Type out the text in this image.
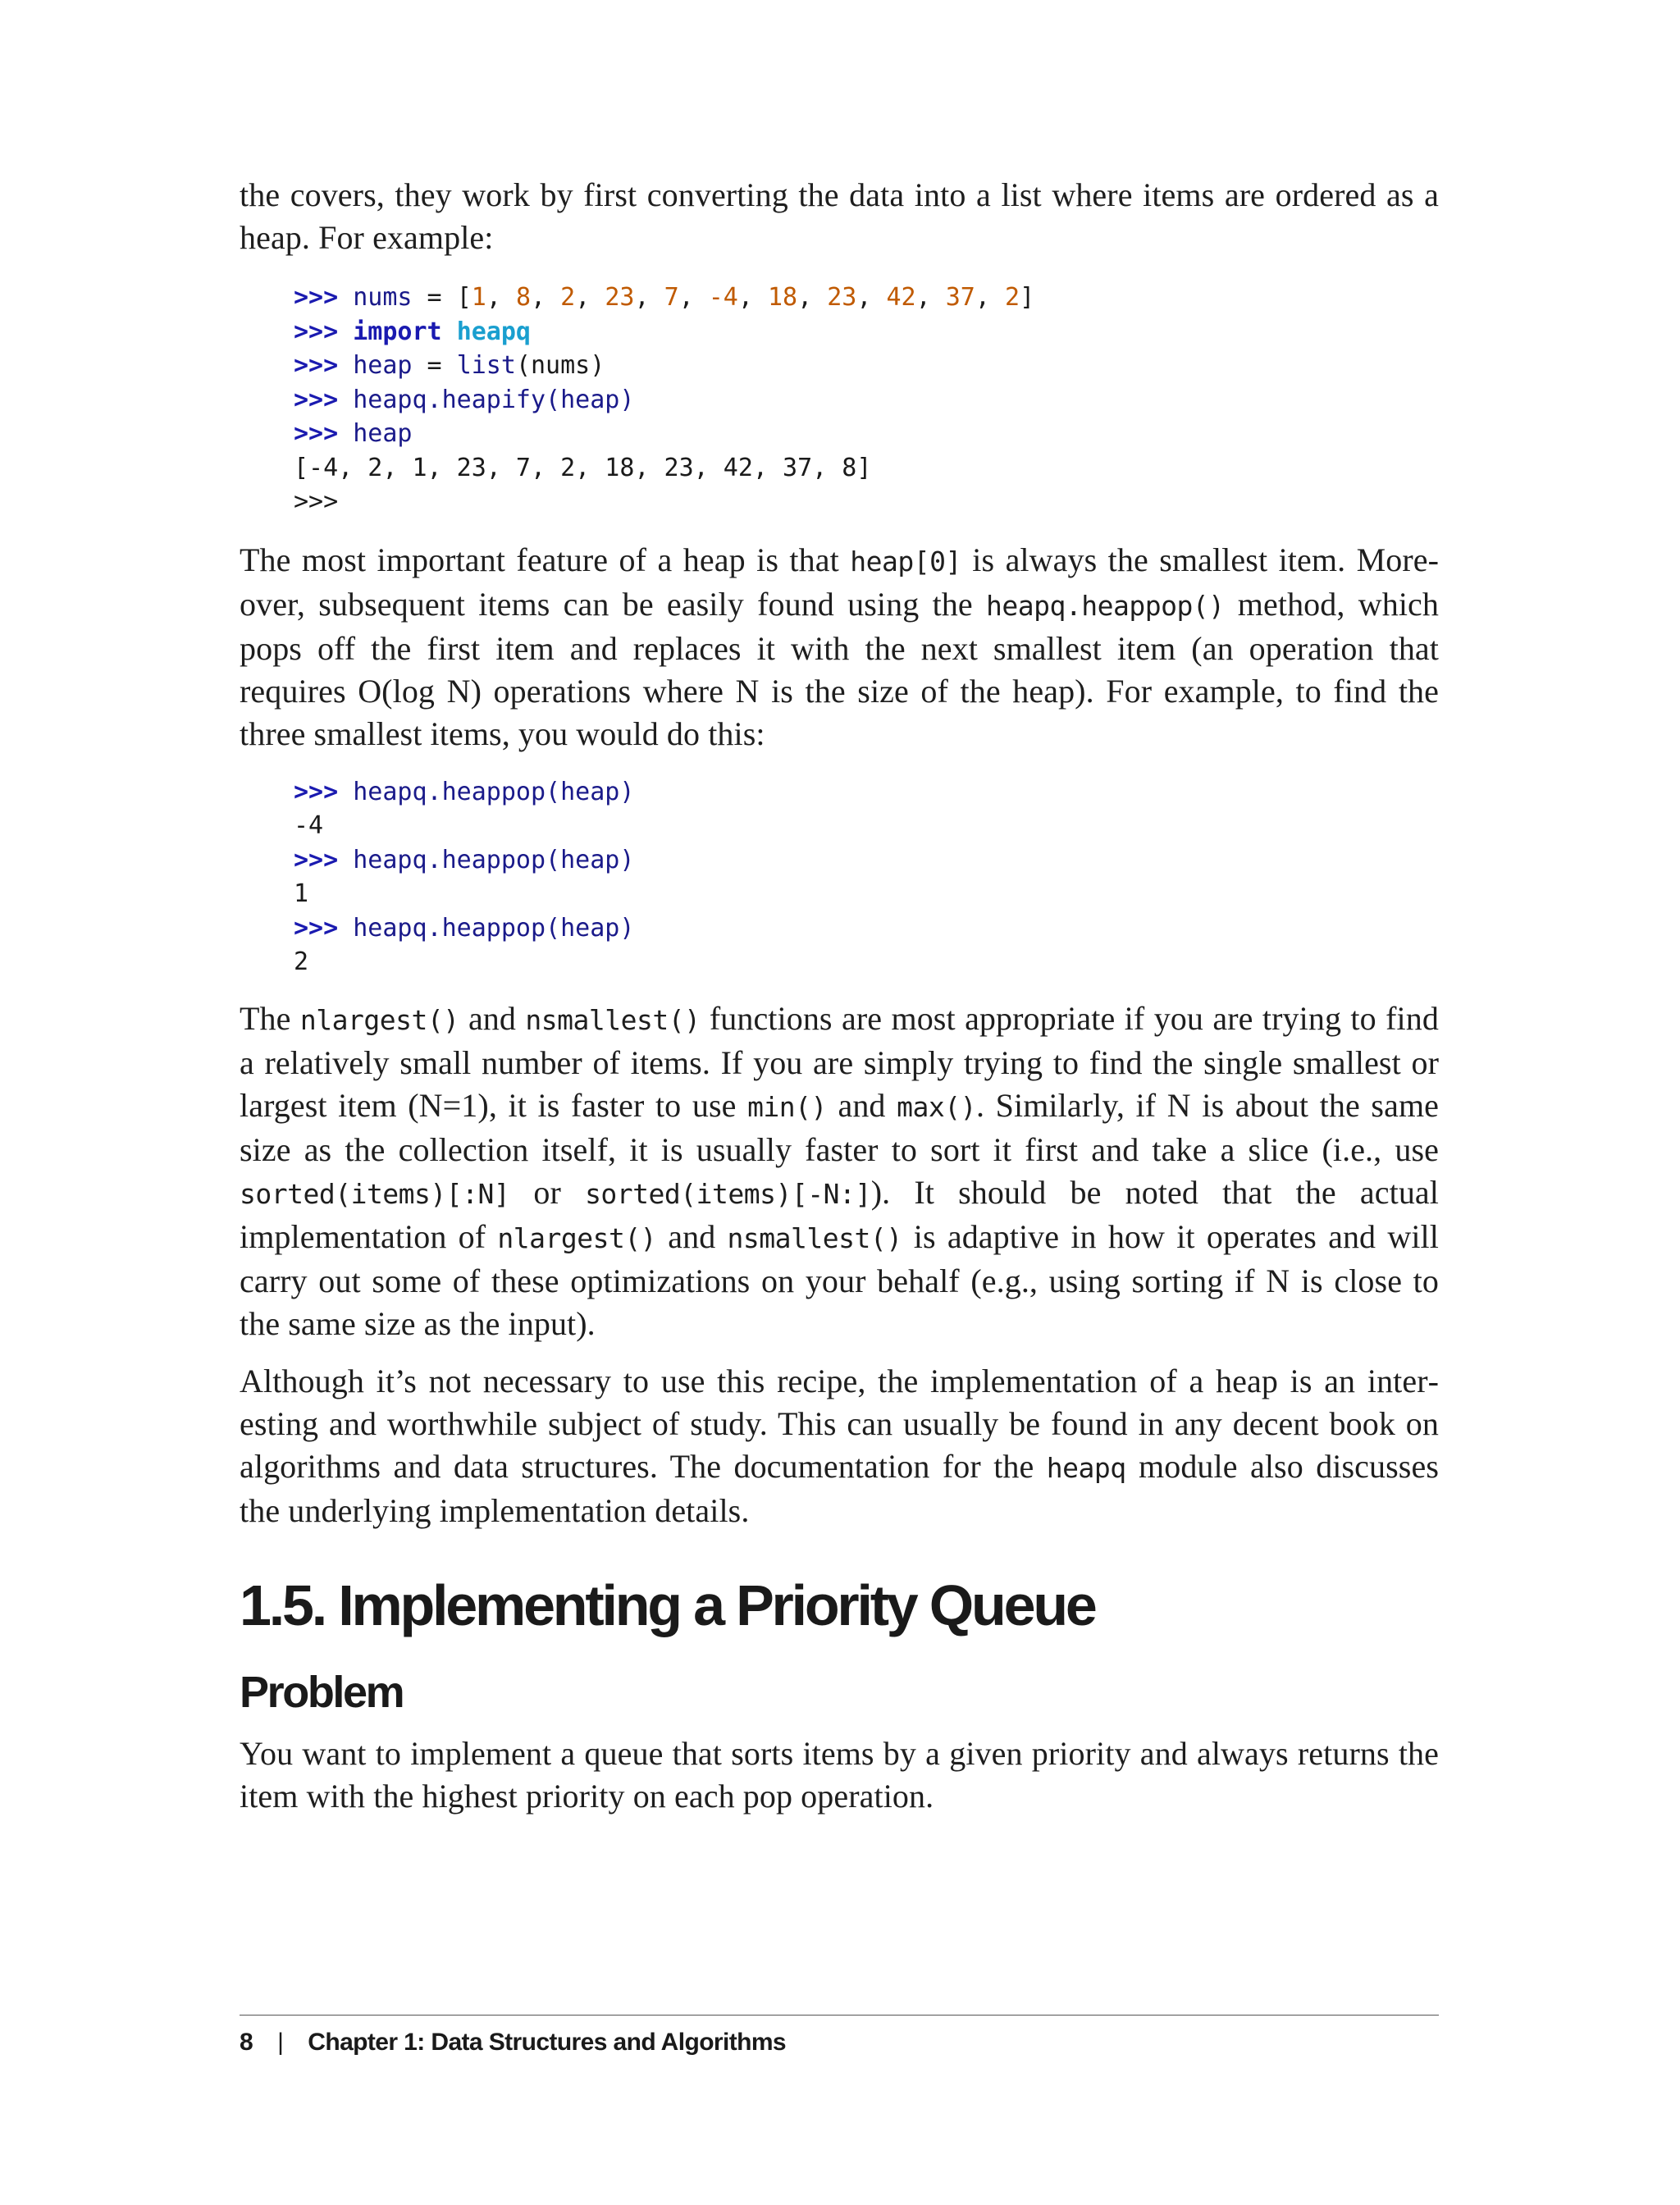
the covers, they work by first converting the data into a list where items are ordered as a heap. For example:

>>> nums = [1, 8, 2, 23, 7, -4, 18, 23, 42, 37, 2]
>>> import heapq
>>> heap = list(nums)
>>> heapq.heapify(heap)
>>> heap
[-4, 2, 1, 23, 7, 2, 18, 23, 42, 37, 8]
>>>

The most important feature of a heap is that heap[0] is always the smallest item. Moreover, subsequent items can be easily found using the heapq.heappop() method, which pops off the first item and replaces it with the next smallest item (an operation that requires O(log N) operations where N is the size of the heap). For example, to find the three smallest items, you would do this:

>>> heapq.heappop(heap)
-4
>>> heapq.heappop(heap)
1
>>> heapq.heappop(heap)
2

The nlargest() and nsmallest() functions are most appropriate if you are trying to find a relatively small number of items. If you are simply trying to find the single smallest or largest item (N=1), it is faster to use min() and max(). Similarly, if N is about the same size as the collection itself, it is usually faster to sort it first and take a slice (i.e., use sorted(items)[:N] or sorted(items)[-N:]). It should be noted that the actual implementation of nlargest() and nsmallest() is adaptive in how it operates and will carry out some of these optimizations on your behalf (e.g., using sorting if N is close to the same size as the input).

Although it’s not necessary to use this recipe, the implementation of a heap is an interesting and worthwhile subject of study. This can usually be found in any decent book on algorithms and data structures. The documentation for the heapq module also discusses the underlying implementation details.

1.5. Implementing a Priority Queue
Problem

You want to implement a queue that sorts items by a given priority and always returns the item with the highest priority on each pop operation.

8 | Chapter 1: Data Structures and Algorithms
